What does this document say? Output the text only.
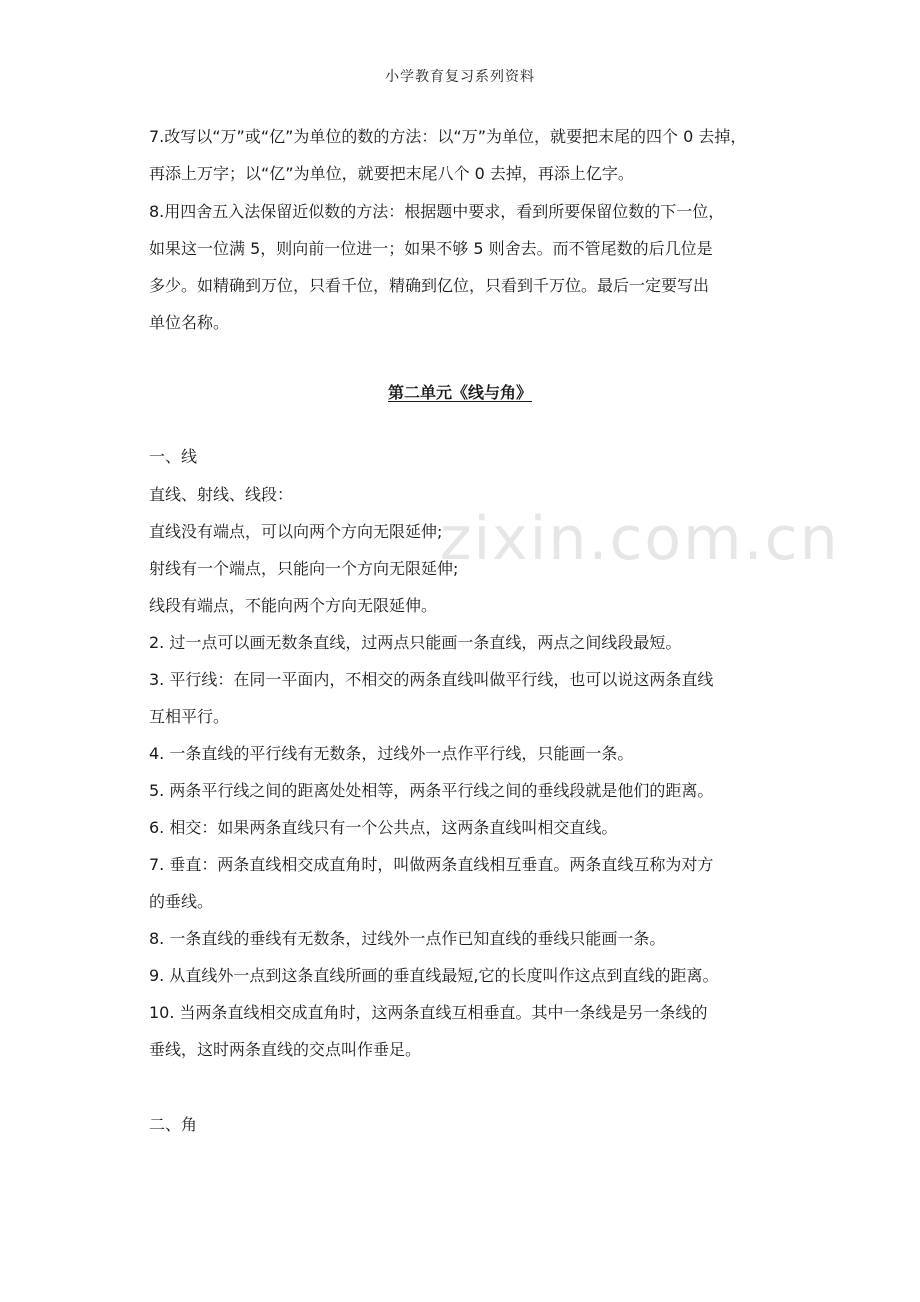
小学教育复习系列资料
zixin.com.cn
7.改写以“万”或“亿”为单位的数的方法：以“万”为单位，就要把末尾的四个 0 去掉，
再添上万字；以“亿”为单位，就要把末尾八个 0 去掉，再添上亿字。
8.用四舍五入法保留近似数的方法：根据题中要求，看到所要保留位数的下一位，
如果这一位满 5，则向前一位进一；如果不够 5 则舍去。而不管尾数的后几位是
多少。如精确到万位，只看千位，精确到亿位，只看到千万位。最后一定要写出
单位名称。
第二单元《线与角》
一、线
直线、射线、线段：
直线没有端点，可以向两个方向无限延伸;
射线有一个端点，只能向一个方向无限延伸;
线段有端点，不能向两个方向无限延伸。
2. 过一点可以画无数条直线，过两点只能画一条直线，两点之间线段最短。
3. 平行线：在同一平面内，不相交的两条直线叫做平行线，也可以说这两条直线
互相平行。
4. 一条直线的平行线有无数条，过线外一点作平行线，只能画一条。
5. 两条平行线之间的距离处处相等，两条平行线之间的垂线段就是他们的距离。
6. 相交：如果两条直线只有一个公共点，这两条直线叫相交直线。
7. 垂直：两条直线相交成直角时，叫做两条直线相互垂直。两条直线互称为对方
的垂线。
8. 一条直线的垂线有无数条，过线外一点作已知直线的垂线只能画一条。
9. 从直线外一点到这条直线所画的垂直线最短,它的长度叫作这点到直线的距离。
10. 当两条直线相交成直角时，这两条直线互相垂直。其中一条线是另一条线的
垂线，这时两条直线的交点叫作垂足。
二、角
